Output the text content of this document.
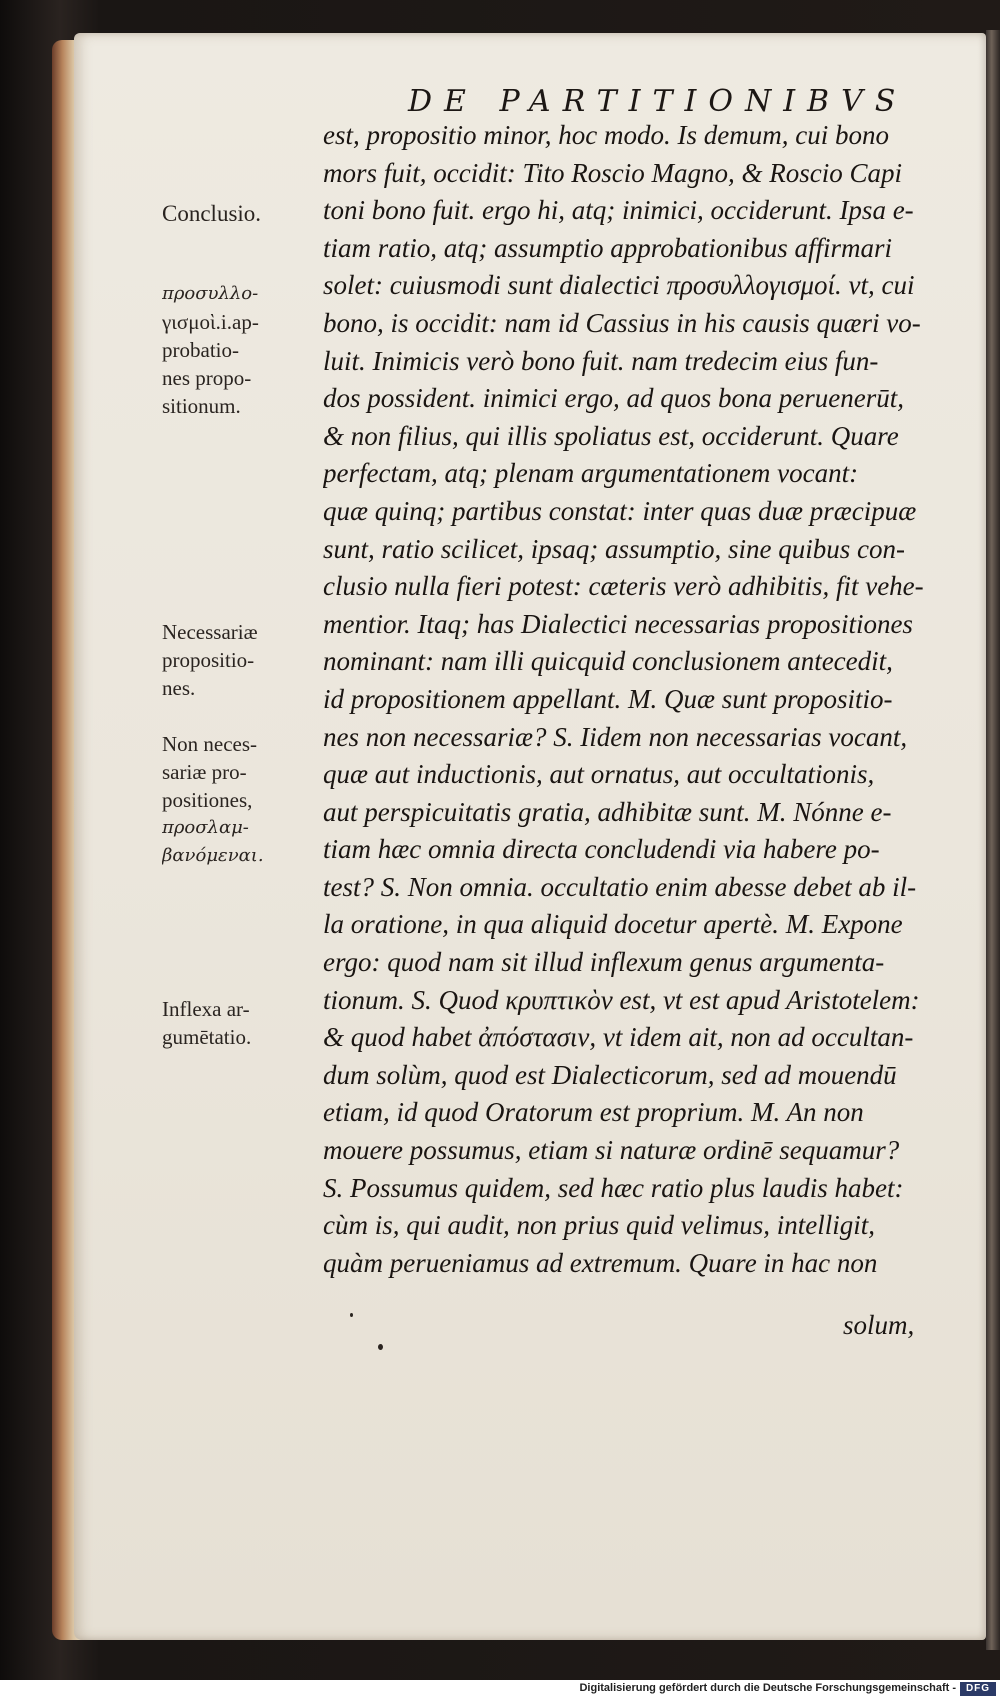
DE PARTITIONIBVS
est, propositio minor, hoc modo. Is demum, cui bono
mors fuit, occidit: Tito Roscio Magno, & Roscio Capi
toni bono fuit. ergo hi, atq; inimici, occiderunt. Ipsa e-
tiam ratio, atq; assumptio approbationibus affirmari
solet: cuiusmodi sunt dialectici προσυλλογισμοί. vt, cui
bono, is occidit: nam id Cassius in his causis quæri vo-
luit. Inimicis verò bono fuit. nam tredecim eius fun-
dos possident. inimici ergo, ad quos bona peruenerūt,
& non filius, qui illis spoliatus est, occiderunt. Quare
perfectam, atq; plenam argumentationem vocant:
quæ quinq; partibus constat: inter quas duæ præcipuæ
sunt, ratio scilicet, ipsaq; assumptio, sine quibus con-
clusio nulla fieri potest: cæteris verò adhibitis, fit vehe-
mentior. Itaq; has Dialectici necessarias propositiones
nominant: nam illi quicquid conclusionem antecedit,
id propositionem appellant. M. Quæ sunt propositio-
nes non necessariæ? S. Iidem non necessarias vocant,
quæ aut inductionis, aut ornatus, aut occultationis,
aut perspicuitatis gratia, adhibitæ sunt. M. Nónne e-
tiam hæc omnia directa concludendi via habere po-
test? S. Non omnia. occultatio enim abesse debet ab il-
la oratione, in qua aliquid docetur apertè. M. Expone
ergo: quod nam sit illud inflexum genus argumenta-
tionum. S. Quod κρυπτικὸν est, vt est apud Aristotelem:
& quod habet ἀπόστασιν, vt idem ait, non ad occultan-
dum solùm, quod est Dialecticorum, sed ad mouendū
etiam, id quod Oratorum est proprium. M. An non
mouere possumus, etiam si naturæ ordinē sequamur?
S. Possumus quidem, sed hæc ratio plus laudis habet:
cùm is, qui audit, non prius quid velimus, intelligit,
quàm perueniamus ad extremum. Quare in hac non
solum,
Conclusio.
προσυλλο-
γισμοὶ.i.ap-
probatio-
nes propo-
sitionum.
Necessariæ
propositio-
nes.
Non neces-
sariæ pro-
positiones,
προσλαμ-
βανόμεναι.
Inflexa ar-
gumētatio.
Digitalisierung gefördert durch die Deutsche Forschungsgemeinschaft - DFG
